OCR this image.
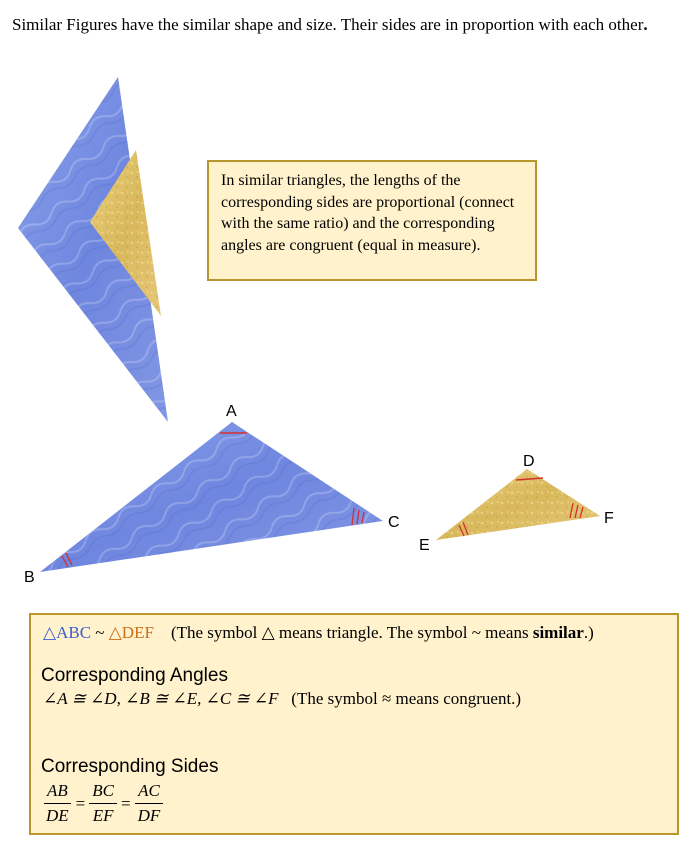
Similar Figures have the similar shape and size. Their sides are in proportion with each other.
A
B
C
D
E
F
In similar triangles, the lengths of the corresponding sides are proportional (connect with the same ratio) and the corresponding angles are congruent (equal in measure).
△ABC ~ △DEF (The symbol △ means triangle. The symbol ~ means similar.)
Corresponding Angles
∠A ≅ ∠D, ∠B ≅ ∠E, ∠C ≅ ∠F (The symbol ≈ means congruent.)
Corresponding Sides
$\frac{AB}{DE} = \frac{BC}{EF} = \frac{AC}{DF}$
